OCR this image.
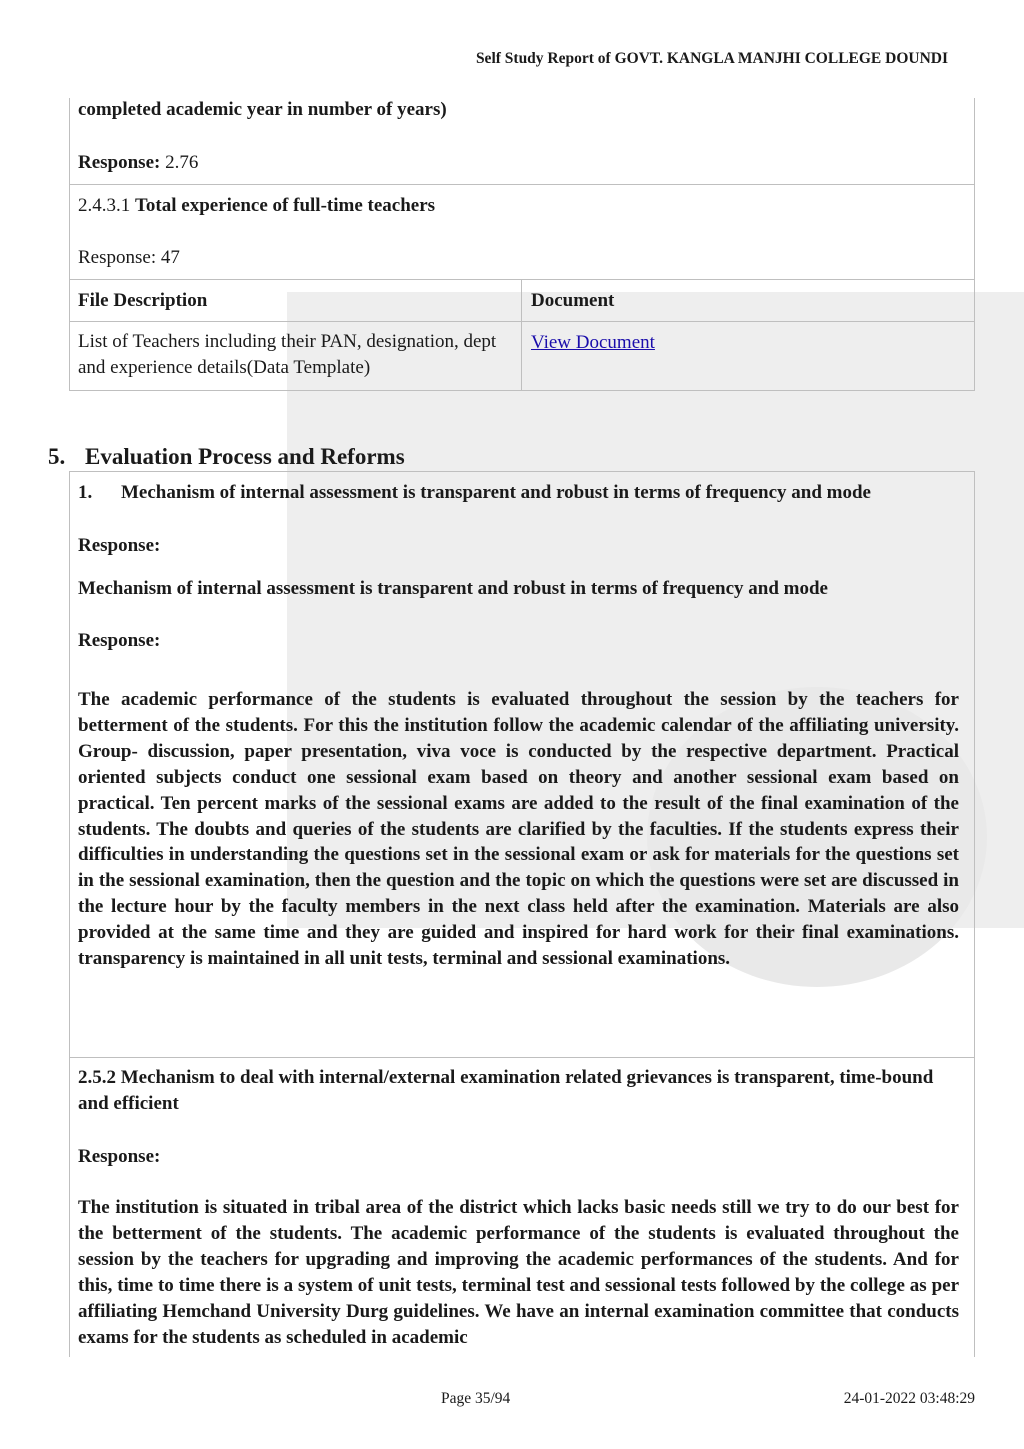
Self Study Report of GOVT. KANGLA MANJHI COLLEGE DOUNDI
completed academic year in number of years)
Response: 2.76
2.4.3.1 Total experience of full-time teachers
Response: 47
File Description	Document
List of Teachers including their PAN, designation, dept and experience details(Data Template)
View Document
5. Evaluation Process and Reforms
1. Mechanism of internal assessment is transparent and robust in terms of frequency and mode
Response:
Mechanism of internal assessment is transparent and robust in terms of frequency and mode
Response:
The academic performance of the students is evaluated throughout the session by the teachers for betterment of the students. For this the institution follow the academic calendar of the affiliating university. Group- discussion, paper presentation, viva voce is conducted by the respective department. Practical oriented subjects conduct one sessional exam based on theory and another sessional exam based on practical. Ten percent marks of the sessional exams are added to the result of the final examination of the students. The doubts and queries of the students are clarified by the faculties. If the students express their difficulties in understanding the questions set in the sessional exam or ask for materials for the questions set in the sessional examination, then the question and the topic on which the questions were set are discussed in the lecture hour by the faculty members in the next class held after the examination. Materials are also provided at the same time and they are guided and inspired for hard work for their final examinations. transparency is maintained in all unit tests, terminal and sessional examinations.
2.5.2 Mechanism to deal with internal/external examination related grievances is transparent, time-bound and efficient
Response:
The institution is situated in tribal area of the district which lacks basic needs still we try to do our best for the betterment of the students. The academic performance of the students is evaluated throughout the session by the teachers for upgrading and improving the academic performances of the students. And for this, time to time there is a system of unit tests, terminal test and sessional tests followed by the college as per affiliating Hemchand University Durg guidelines. We have an internal examination committee that conducts exams for the students as scheduled in academic
Page 35/94	24-01-2022 03:48:29
